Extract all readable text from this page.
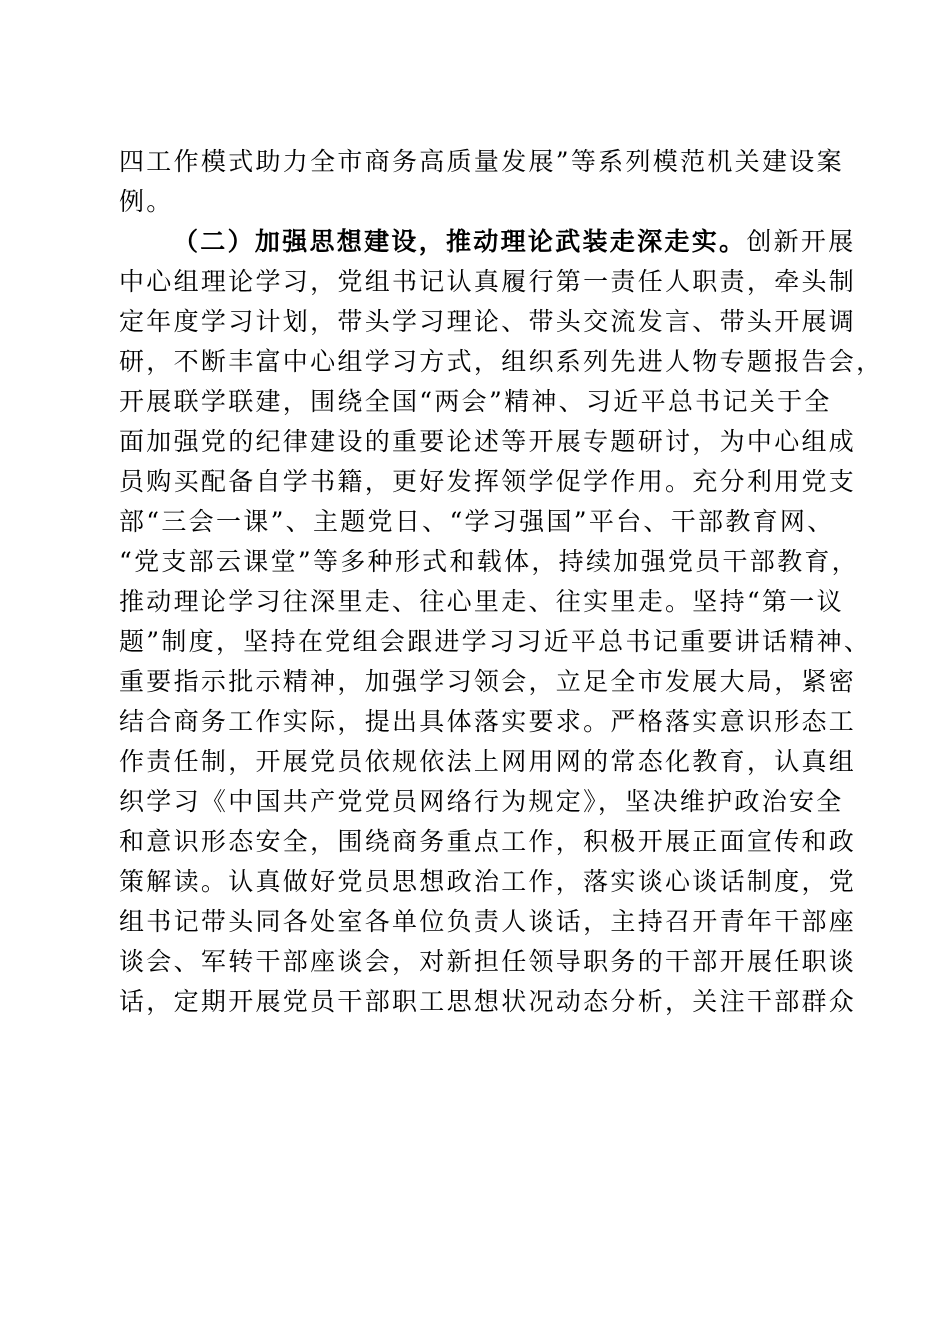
四工作模式助力全市商务高质量发展”等系列模范机关建设案
例。
（二）加强思想建设，推动理论武装走深走实。创新开展
中心组理论学习，党组书记认真履行第一责任人职责，牵头制
定年度学习计划，带头学习理论、带头交流发言、带头开展调
研，不断丰富中心组学习方式，组织系列先进人物专题报告会，
开展联学联建，围绕全国“两会”精神、习近平总书记关于全
面加强党的纪律建设的重要论述等开展专题研讨，为中心组成
员购买配备自学书籍，更好发挥领学促学作用。充分利用党支
部“三会一课”、主题党日、“学习强国”平台、干部教育网、
“党支部云课堂”等多种形式和载体，持续加强党员干部教育，
推动理论学习往深里走、往心里走、往实里走。坚持“第一议
题”制度，坚持在党组会跟进学习习近平总书记重要讲话精神、
重要指示批示精神，加强学习领会，立足全市发展大局，紧密
结合商务工作实际，提出具体落实要求。严格落实意识形态工
作责任制，开展党员依规依法上网用网的常态化教育，认真组
织学习《中国共产党党员网络行为规定》，坚决维护政治安全
和意识形态安全，围绕商务重点工作，积极开展正面宣传和政
策解读。认真做好党员思想政治工作，落实谈心谈话制度，党
组书记带头同各处室各单位负责人谈话，主持召开青年干部座
谈会、军转干部座谈会，对新担任领导职务的干部开展任职谈
话，定期开展党员干部职工思想状况动态分析，关注干部群众
